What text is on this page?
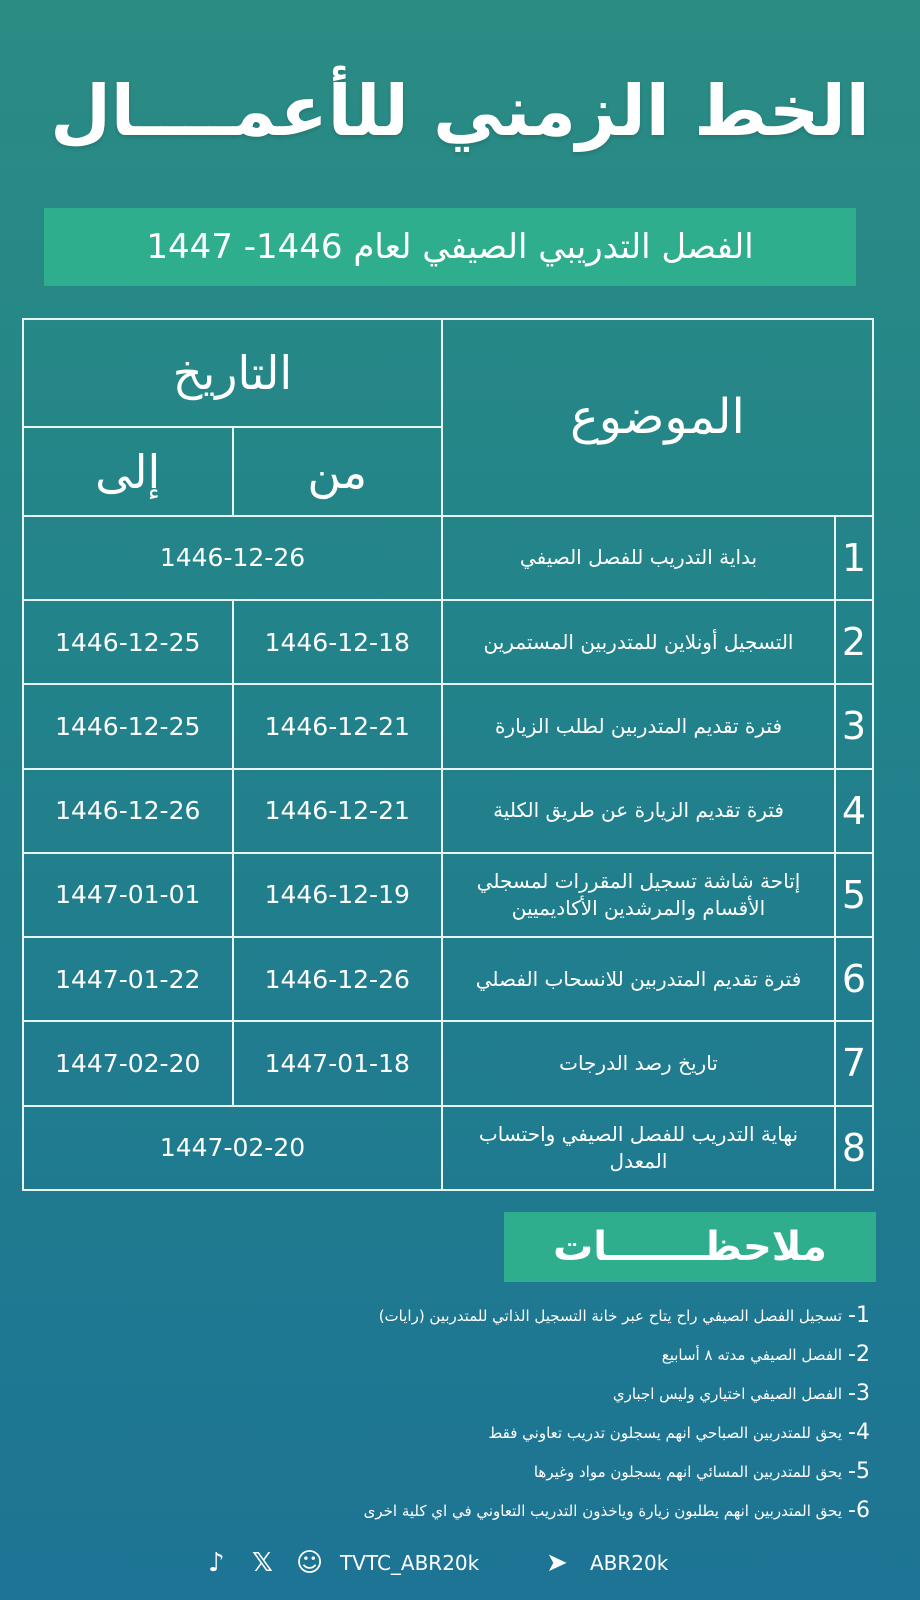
الخط الزمني للأعمــــال
الفصل التدريبي الصيفي لعام 1446- 1447
الموضوع		التاريخ	
		من	إلى
1	بداية التدريب للفصل الصيفي	1446-12-26	
2	التسجيل أونلاين للمتدربين المستمرين	1446-12-18	1446-12-25
3	فترة تقديم المتدربين لطلب الزيارة	1446-12-21	1446-12-25
4	فترة تقديم الزيارة عن طريق الكلية	1446-12-21	1446-12-26
5	إتاحة شاشة تسجيل المقررات لمسجلي الأقسام والمرشدين الأكاديميين	1446-12-19	1447-01-01
6	فترة تقديم المتدربين للانسحاب الفصلي	1446-12-26	1447-01-22
7	تاريخ رصد الدرجات	1447-01-18	1447-02-20
8	نهاية التدريب للفصل الصيفي واحتساب المعدل	1447-02-20	
ملاحظـــــــات
1-
تسجيل الفصل الصيفي راح يتاح عبر خانة التسجيل الذاتي للمتدربين (رايات)
2-
الفصل الصيفي مدته ٨ أسابيع
3-
الفصل الصيفي اختياري وليس اجباري
4-
يحق للمتدربين الصباحي انهم يسجلون تدريب تعاوني فقط
5-
يحق للمتدربين المسائي انهم يسجلون مواد وغيرها
6-
يحق المتدربين انهم يطلبون زيارة وياخذون التدريب التعاوني في اي كلية اخرى
♪ 𝕏 ☺ TVTC_ABR20k	➤ ABR20k
